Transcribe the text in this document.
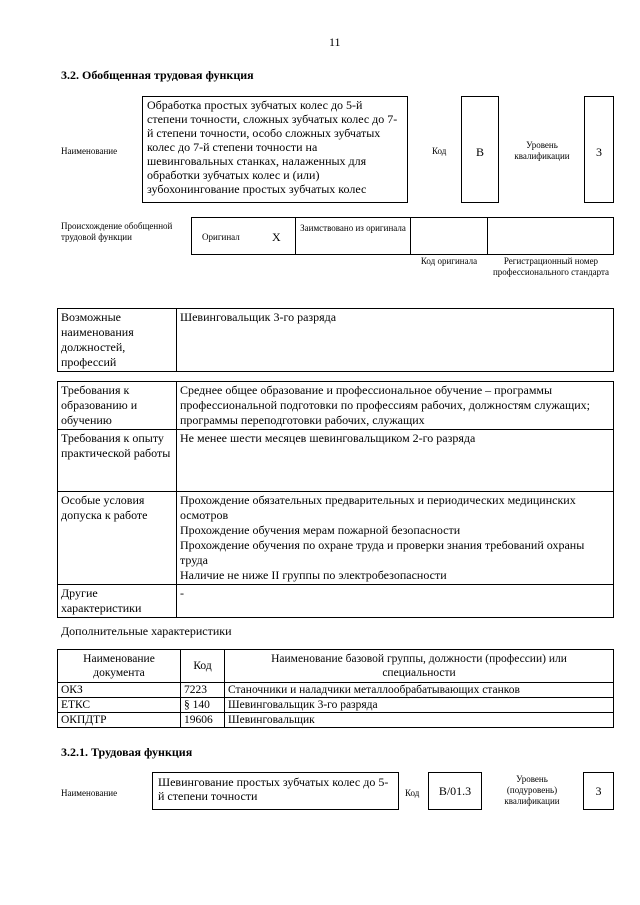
11
3.2. Обобщенная трудовая функция
Наименование
Обработка простых зубчатых колес до 5-й степени точности, сложных зубчатых колес до 7-й степени точности, особо сложных зубчатых колес до 7-й степени точности на шевинговальных станках, налаженных для обработки зубчатых колес и (или) зубохонингование простых зубчатых колес
Код	B	Уровень квалификации	3
Происхождение обобщенной трудовой функции	Оригинал	X
Заимствовано из оригинала
Код оригинала	Регистрационный номер профессионального стандарта
Возможные наименования должностей, профессий	Шевинговальщик 3-го разряда
Требования к образованию и обучению	Среднее общее образование и профессиональное обучение – программы профессиональной подготовки по профессиям рабочих, должностям служащих; программы переподготовки рабочих, служащих
Требования к опыту практической работы	Не менее шести месяцев шевинговальщиком 2-го разряда
Особые условия допуска к работе	Прохождение обязательных предварительных и периодических медицинских осмотров
Прохождение обучения мерам пожарной безопасности
Прохождение обучения по охране труда и проверки знания требований охраны труда
Наличие не ниже II группы по электробезопасности

Другие характеристики	-
Дополнительные характеристики
Наименование документа	Код	Наименование базовой группы, должности (профессии) или специальности
ОКЗ	7223	Станочники и наладчики металлообрабатывающих станков
ЕТКС	§ 140	Шевинговальщик 3-го разряда
ОКПДТР	19606	Шевинговальщик
3.2.1. Трудовая функция
Наименование
Шевингование простых зубчатых колес до 5-й степени точности	Код	B/01.3
Уровень (подуровень) квалификации
3
